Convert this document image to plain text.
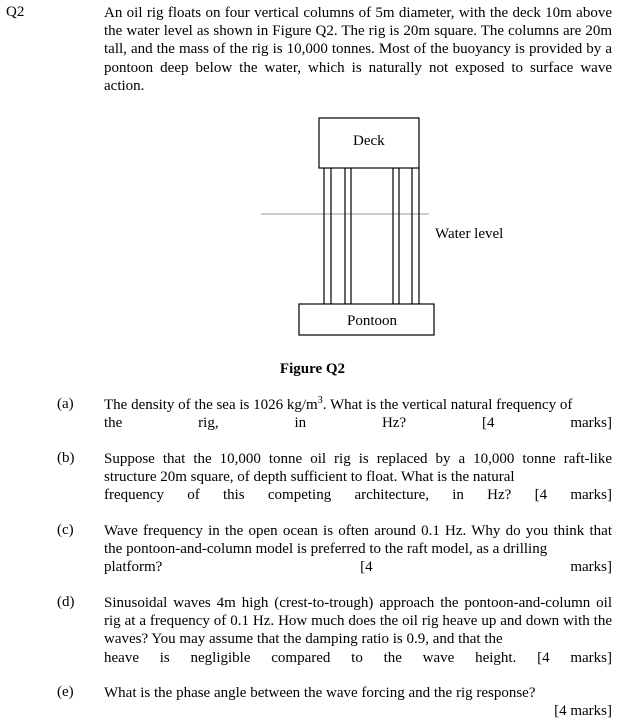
Q2	An oil rig floats on four vertical columns of 5m diameter, with the deck 10m above the water level as shown in Figure Q2. The rig is 20m square. The columns are 20m tall, and the mass of the rig is 10,000 tonnes. Most of the buoyancy is provided by a pontoon deep below the water, which is naturally not exposed to surface wave action.
Deck
Water level
Pontoon
Figure Q2
(a) The density of the sea is 1026 $kg/m^3$. What is the vertical natural frequency of

the rig, in Hz?	[4 marks]

(b) Suppose that the 10,000 tonne oil rig is replaced by a 10,000 tonne raft-like structure 20m square, of depth sufficient to float. What is the natural

frequency of this competing architecture, in Hz? [4 marks]

(c) Wave frequency in the open ocean is often around 0.1 Hz. Why do you think that the pontoon-and-column model is preferred to the raft model, as a drilling

platform?	[4 marks]

(d) Sinusoidal waves 4m high (crest-to-trough) approach the pontoon-and-column oil rig at a frequency of 0.1 Hz. How much does the oil rig heave up and down with the waves? You may assume that the damping ratio is 0.9, and that the

heave is negligible compared to the wave height. [4 marks]

(e) What is the phase angle between the wave forcing and the rig response?

[4 marks]
